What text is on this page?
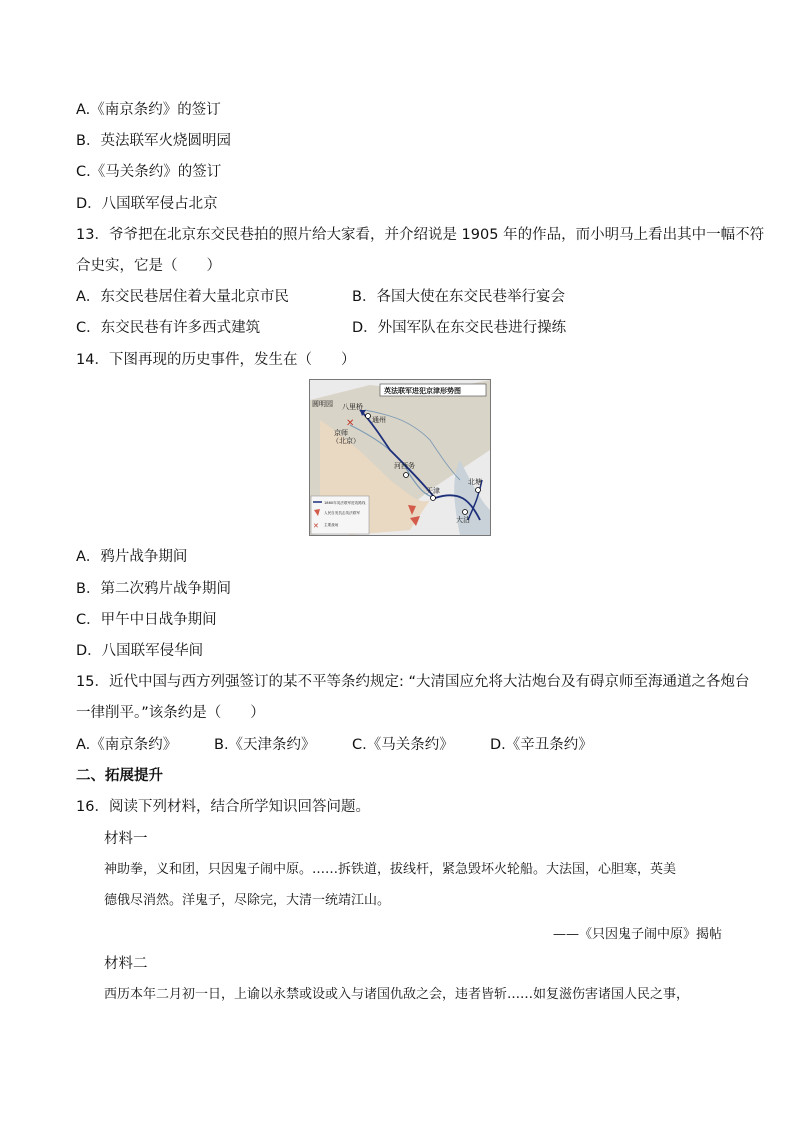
A.《南京条约》的签订
B．英法联军火烧圆明园
C.《马关条约》的签订
D．八国联军侵占北京
13．爷爷把在北京东交民巷拍的照片给大家看，并介绍说是 1905 年的作品，而小明马上看出其中一幅不符
合史实，它是（　　）
A．东交民巷居住着大量北京市民	B．各国大使在东交民巷举行宴会
C．东交民巷有许多西式建筑	D．外国军队在东交民巷进行操练
14．下图再现的历史事件，发生在（　　）
英法联军进犯京津形势图
✕
圆明园 八里桥
通州
京师
（北京）
河西务
天津
北塘
大沽
1860年英法联军进攻路线
人民自发抗击英法联军
✕ 主要战场
A．鸦片战争期间
B．第二次鸦片战争期间
C．甲午中日战争期间
D．八国联军侵华间
15．近代中国与西方列强签订的某不平等条约规定: “大清国应允将大沽炮台及有碍京师至海通道之各炮台
一律削平。”该条约是（　　）
A.《南京条约》	B.《天津条约》	C.《马关条约》	D.《辛丑条约》
二、拓展提升
16．阅读下列材料，结合所学知识回答问题。
材料一
神助拳，义和团，只因鬼子闹中原。……拆铁道，拔线杆，紧急毁坏火轮船。大法国，心胆寒，英美
德俄尽消然。洋鬼子，尽除完，大清一统靖江山。
——《只因鬼子闹中原》揭帖
材料二
西历本年二月初一日，上谕以永禁或设或入与诸国仇敌之会，违者皆斩……如复滋伤害诸国人民之事，
